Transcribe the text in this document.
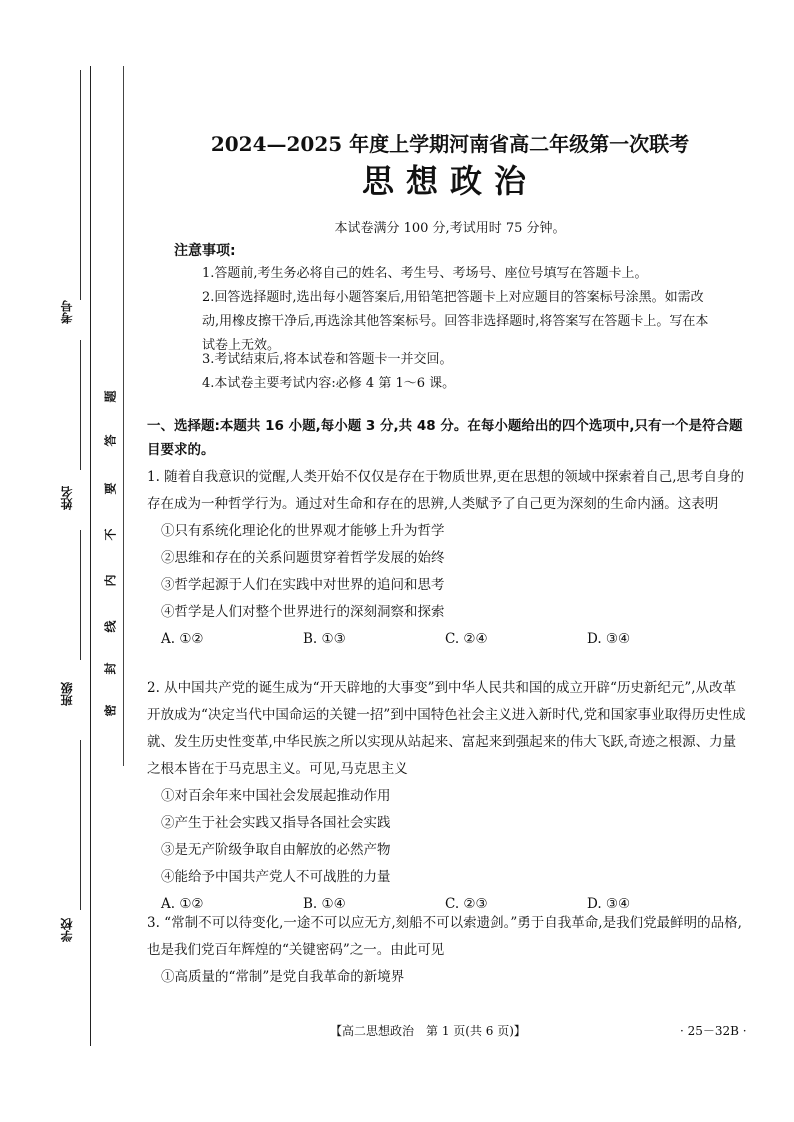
考号
姓名
班级
学校
题
答
要
不
内
线
封
密
2024—2025 年度上学期河南省高二年级第一次联考
思想政治
本试卷满分 100 分,考试用时 75 分钟。
注意事项:
1.答题前,考生务必将自己的姓名、考生号、考场号、座位号填写在答题卡上。
2.回答选择题时,选出每小题答案后,用铅笔把答题卡上对应题目的答案标号涂黑。如需改动,用橡皮擦干净后,再选涂其他答案标号。回答非选择题时,将答案写在答题卡上。写在本试卷上无效。
3.考试结束后,将本试卷和答题卡一并交回。
4.本试卷主要考试内容:必修 4 第 1～6 课。
一、选择题:本题共 16 小题,每小题 3 分,共 48 分。在每小题给出的四个选项中,只有一个是符合题目要求的。
1. 随着自我意识的觉醒,人类开始不仅仅是存在于物质世界,更在思想的领域中探索着自己,思考自身的存在成为一种哲学行为。通过对生命和存在的思辨,人类赋予了自己更为深刻的生命内涵。这表明
①只有系统化理论化的世界观才能够上升为哲学
②思维和存在的关系问题贯穿着哲学发展的始终
③哲学起源于人们在实践中对世界的追问和思考
④哲学是人们对整个世界进行的深刻洞察和探索
A. ①②	B. ①③	C. ②④	D. ③④
2. 从中国共产党的诞生成为“开天辟地的大事变”到中华人民共和国的成立开辟“历史新纪元”,从改革开放成为“决定当代中国命运的关键一招”到中国特色社会主义进入新时代,党和国家事业取得历史性成就、发生历史性变革,中华民族之所以实现从站起来、富起来到强起来的伟大飞跃,奇迹之根源、力量之根本皆在于马克思主义。可见,马克思主义
①对百余年来中国社会发展起推动作用
②产生于社会实践又指导各国社会实践
③是无产阶级争取自由解放的必然产物
④能给予中国共产党人不可战胜的力量
A. ①②	B. ①④	C. ②③	D. ③④
3. “常制不可以待变化,一途不可以应无方,刻船不可以索遗剑。”勇于自我革命,是我们党最鲜明的品格,也是我们党百年辉煌的“关键密码”之一。由此可见
①高质量的“常制”是党自我革命的新境界
【高二思想政治　第 1 页(共 6 页)】	· 25－32B ·
